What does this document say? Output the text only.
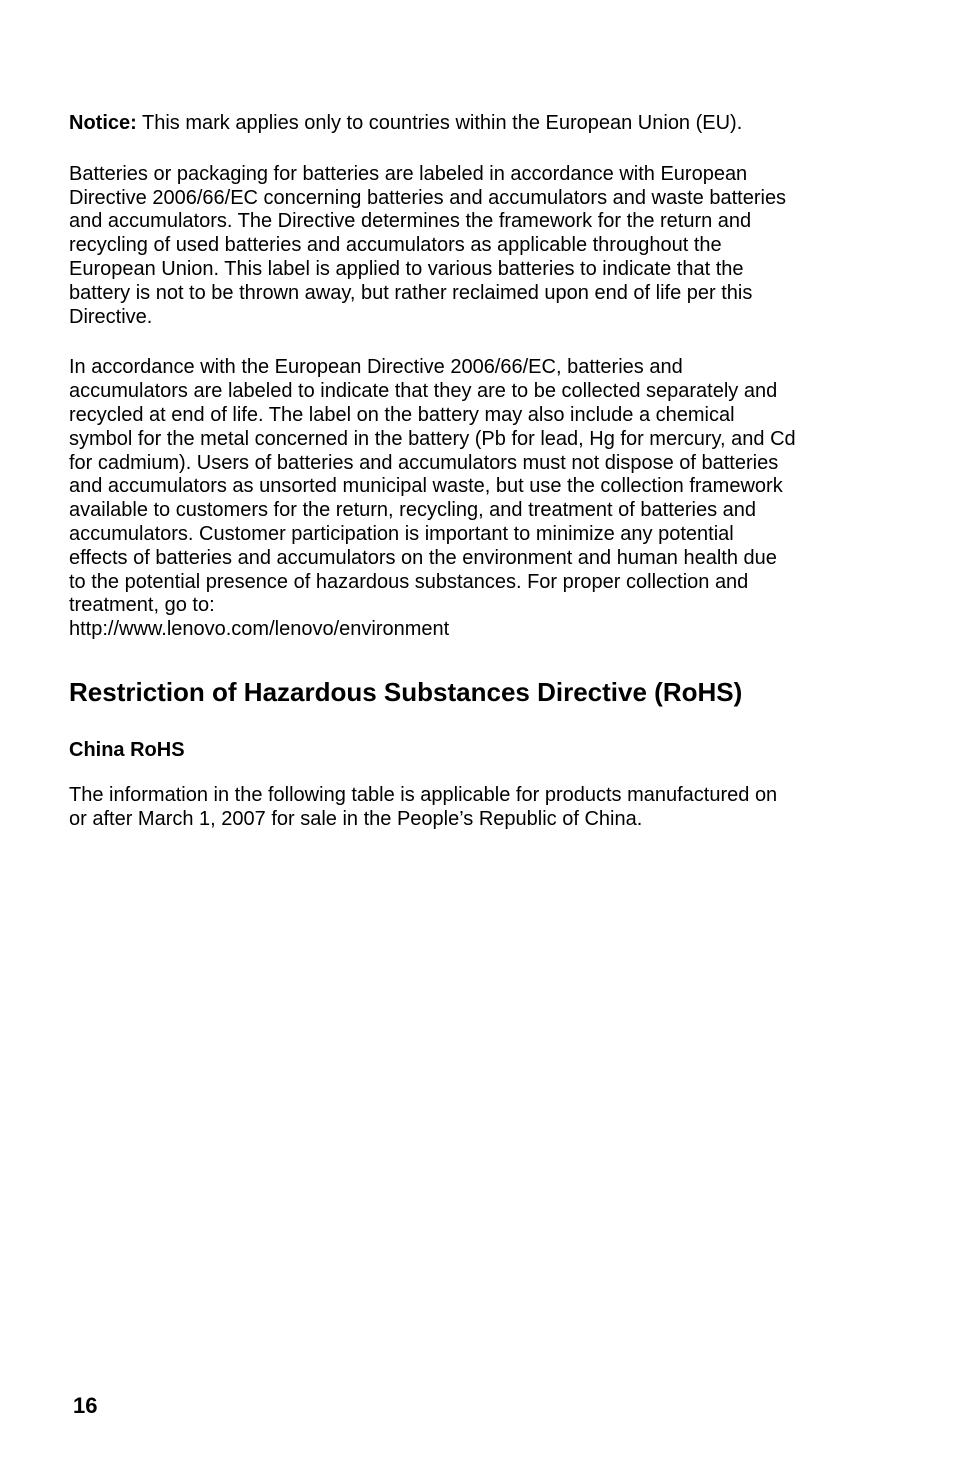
Notice: This mark applies only to countries within the European Union (EU).

Batteries or packaging for batteries are labeled in accordance with European
Directive 2006/66/EC concerning batteries and accumulators and waste batteries
and accumulators. The Directive determines the framework for the return and
recycling of used batteries and accumulators as applicable throughout the
European Union. This label is applied to various batteries to indicate that the
battery is not to be thrown away, but rather reclaimed upon end of life per this
Directive.

In accordance with the European Directive 2006/66/EC, batteries and
accumulators are labeled to indicate that they are to be collected separately and
recycled at end of life. The label on the battery may also include a chemical
symbol for the metal concerned in the battery (Pb for lead, Hg for mercury, and Cd
for cadmium). Users of batteries and accumulators must not dispose of batteries
and accumulators as unsorted municipal waste, but use the collection framework
available to customers for the return, recycling, and treatment of batteries and
accumulators. Customer participation is important to minimize any potential
effects of batteries and accumulators on the environment and human health due
to the potential presence of hazardous substances. For proper collection and
treatment, go to:
http://www.lenovo.com/lenovo/environment

Restriction of Hazardous Substances Directive (RoHS)
China RoHS

The information in the following table is applicable for products manufactured on
or after March 1, 2007 for sale in the People’s Republic of China.

16
